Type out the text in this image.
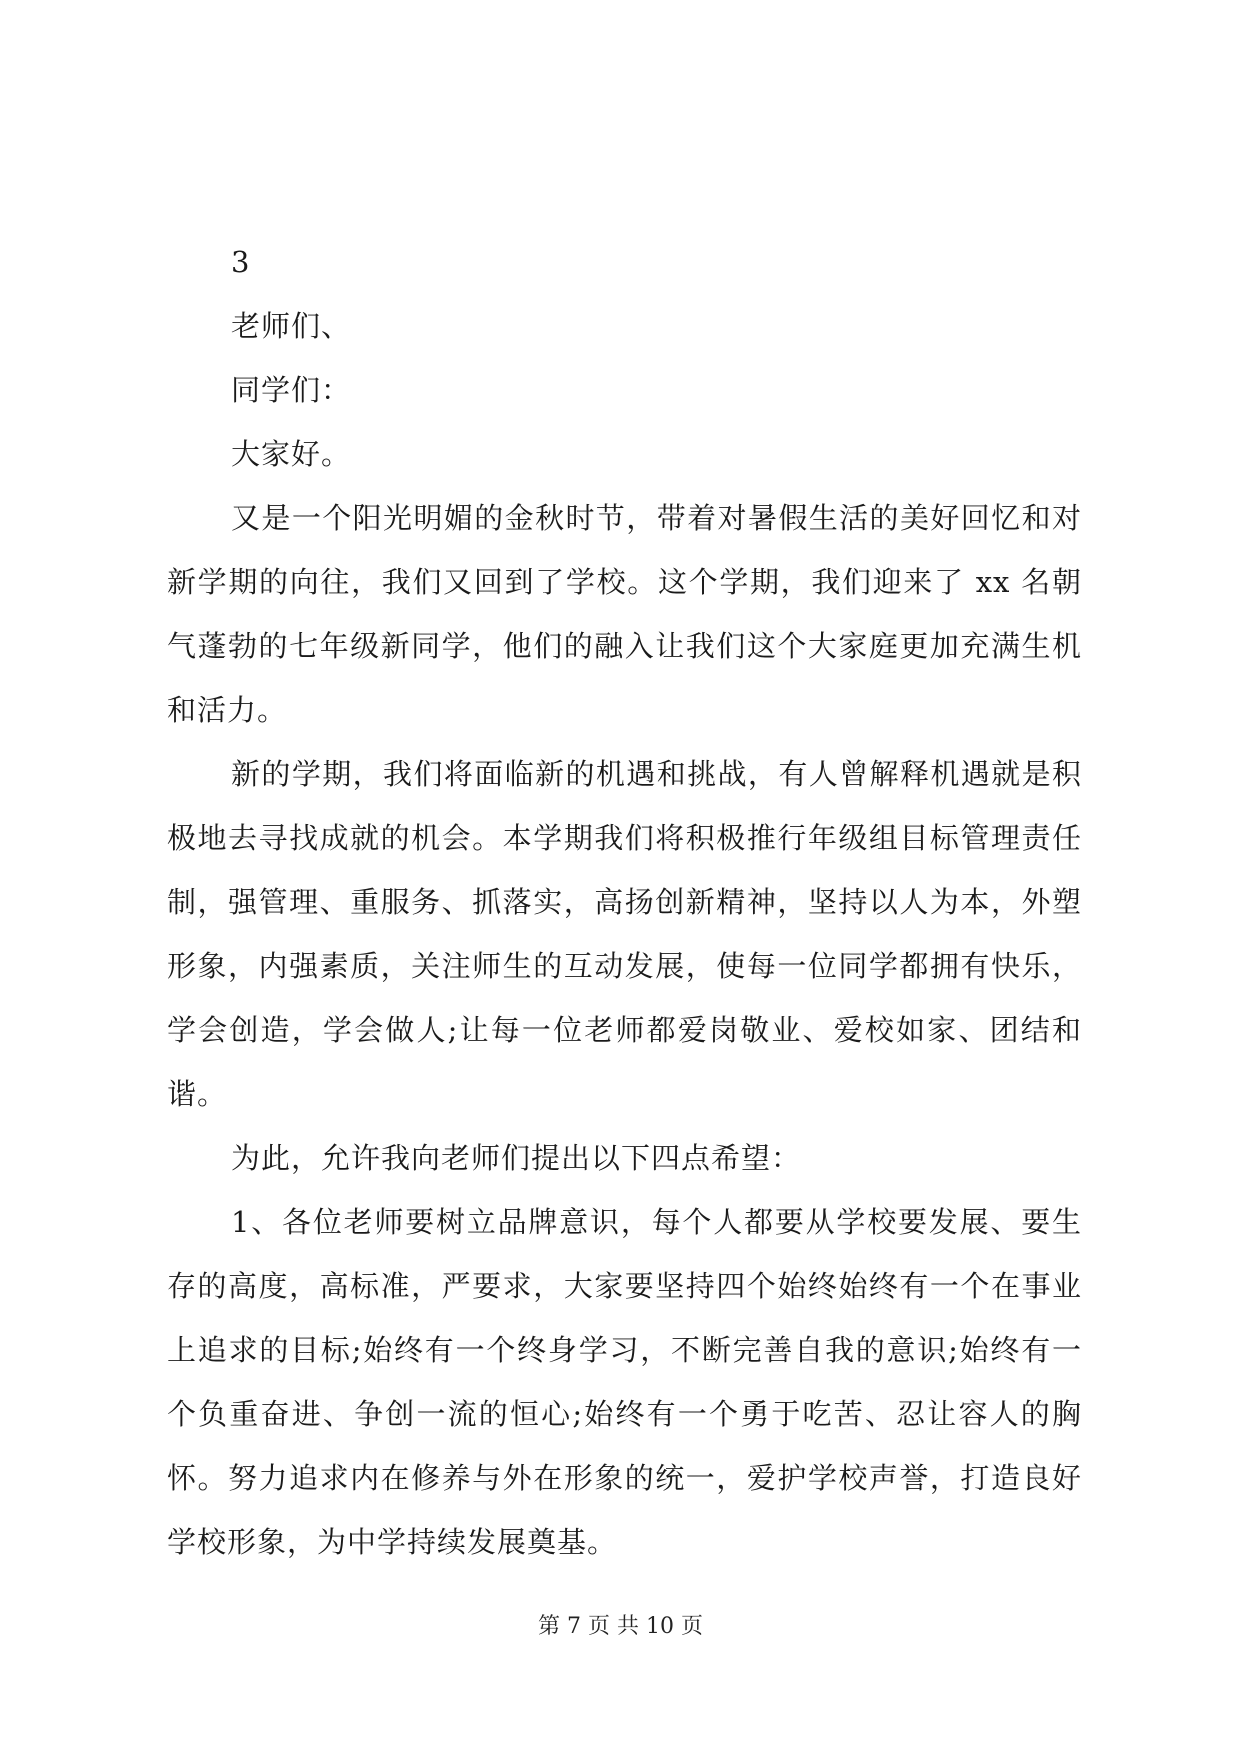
3
老师们、
同学们：
大家好。

又是一个阳光明媚的金秋时节，带着对暑假生活的美好回忆和对新学期的向往，我们又回到了学校。这个学期，我们迎来了 xx 名朝气蓬勃的七年级新同学，他们的融入让我们这个大家庭更加充满生机和活力。

新的学期，我们将面临新的机遇和挑战，有人曾解释机遇就是积极地去寻找成就的机会。本学期我们将积极推行年级组目标管理责任制，强管理、重服务、抓落实，高扬创新精神，坚持以人为本，外塑形象，内强素质，关注师生的互动发展，使每一位同学都拥有快乐，学会创造，学会做人;让每一位老师都爱岗敬业、爱校如家、团结和谐。

为此，允许我向老师们提出以下四点希望：

1、各位老师要树立品牌意识，每个人都要从学校要发展、要生存的高度，高标准，严要求，大家要坚持四个始终始终有一个在事业上追求的目标;始终有一个终身学习，不断完善自我的意识;始终有一个负重奋进、争创一流的恒心;始终有一个勇于吃苦、忍让容人的胸怀。努力追求内在修养与外在形象的统一，爱护学校声誉，打造良好学校形象，为中学持续发展奠基。

第 7 页 共 10 页
